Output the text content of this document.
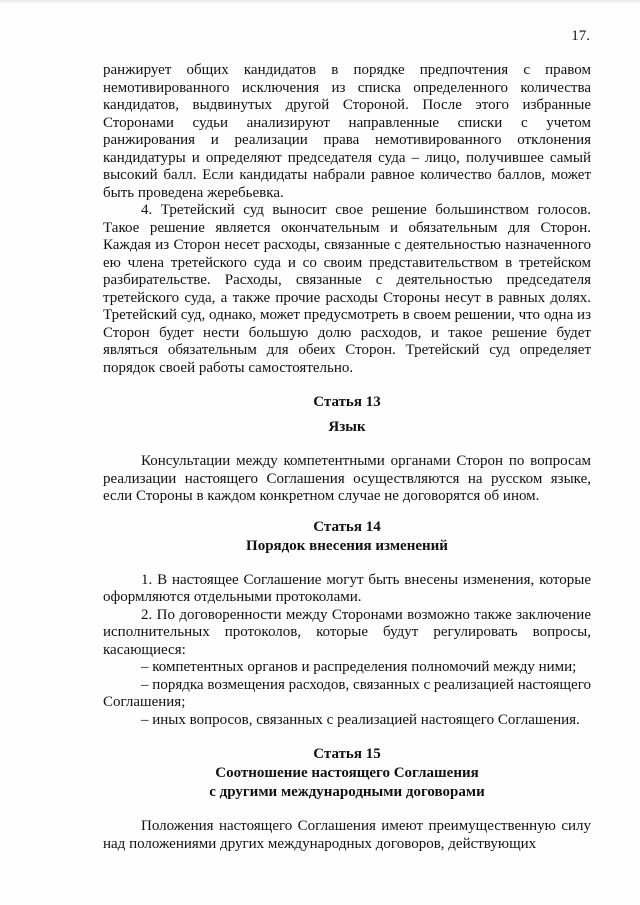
17.

ранжирует общих кандидатов в порядке предпочтения с правом немотивированного исключения из списка определенного количества кандидатов, выдвинутых другой Стороной. После этого избранные Сторонами судьи анализируют направленные списки с учетом ранжирования и реализации права немотивированного отклонения кандидатуры и определяют председателя суда – лицо, получившее самый высокий балл. Если кандидаты набрали равное количество баллов, может быть проведена жеребьевка.

4. Третейский суд выносит свое решение большинством голосов. Такое решение является окончательным и обязательным для Сторон. Каждая из Сторон несет расходы, связанные с деятельностью назначенного ею члена третейского суда и со своим представительством в третейском разбирательстве. Расходы, связанные с деятельностью председателя третейского суда, а также прочие расходы Стороны несут в равных долях. Третейский суд, однако, может предусмотреть в своем решении, что одна из Сторон будет нести большую долю расходов, и такое решение будет являться обязательным для обеих Сторон. Третейский суд определяет порядок своей работы самостоятельно.

Статья 13

Язык

Консультации между компетентными органами Сторон по вопросам реализации настоящего Соглашения осуществляются на русском языке, если Стороны в каждом конкретном случае не договорятся об ином.

Статья 14

Порядок внесения изменений

1. В настоящее Соглашение могут быть внесены изменения, которые оформляются отдельными протоколами.

2. По договоренности между Сторонами возможно также заключение исполнительных протоколов, которые будут регулировать вопросы, касающиеся:

– компетентных органов и распределения полномочий между ними;

– порядка возмещения расходов, связанных с реализацией настоящего Соглашения;

– иных вопросов, связанных с реализацией настоящего Соглашения.

Статья 15

Соотношение настоящего Соглашения

с другими международными договорами

Положения настоящего Соглашения имеют преимущественную силу над положениями других международных договоров, действующих
